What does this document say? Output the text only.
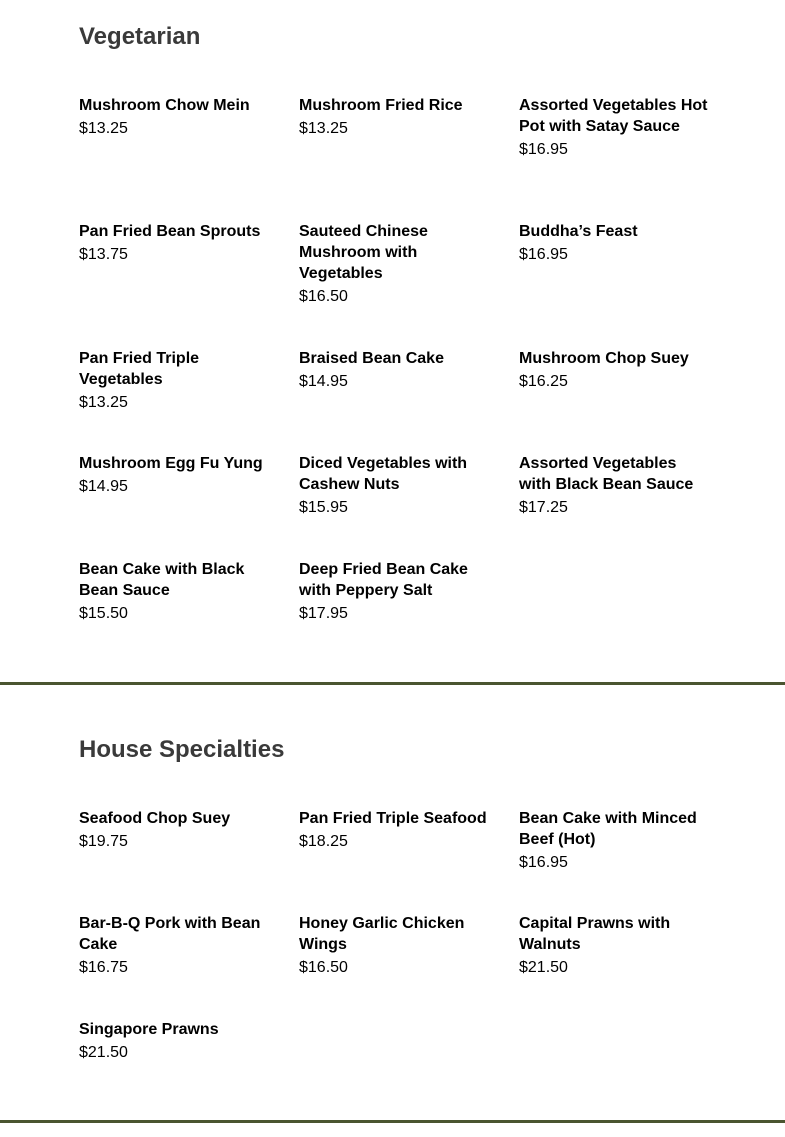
Vegetarian

Mushroom Chow Mein

$13.25

Mushroom Fried Rice

$13.25

Assorted Vegetables Hot Pot with Satay Sauce

$16.95

Pan Fried Bean Sprouts

$13.75

Sauteed Chinese Mushroom with Vegetables

$16.50

Buddha’s Feast

$16.95

Pan Fried Triple Vegetables

$13.25

Braised Bean Cake

$14.95

Mushroom Chop Suey

$16.25

Mushroom Egg Fu Yung

$14.95

Diced Vegetables with Cashew Nuts

$15.95

Assorted Vegetables with Black Bean Sauce

$17.25

Bean Cake with Black Bean Sauce

$15.50

Deep Fried Bean Cake with Peppery Salt

$17.95
House Specialties

Seafood Chop Suey

$19.75

Pan Fried Triple Seafood

$18.25

Bean Cake with Minced Beef (Hot)

$16.95

Bar-B-Q Pork with Bean Cake

$16.75

Honey Garlic Chicken Wings

$16.50

Capital Prawns with Walnuts

$21.50

Singapore Prawns

$21.50
